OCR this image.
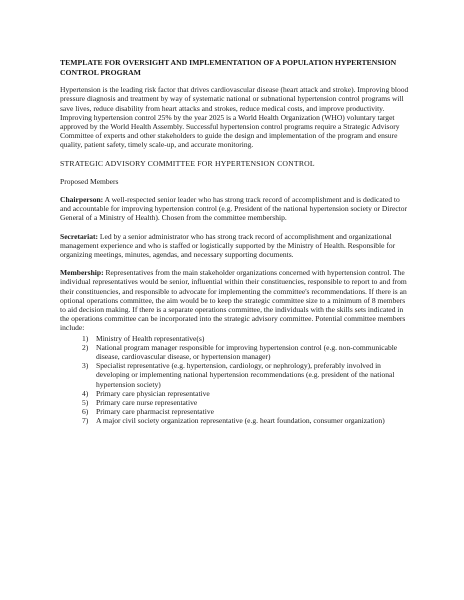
TEMPLATE FOR OVERSIGHT AND IMPLEMENTATION OF A POPULATION HYPERTENSION CONTROL PROGRAM

Hypertension is the leading risk factor that drives cardiovascular disease (heart attack and stroke). Improving blood pressure diagnosis and treatment by way of systematic national or subnational hypertension control programs will save lives, reduce disability from heart attacks and strokes, reduce medical costs, and improve productivity. Improving hypertension control 25% by the year 2025 is a World Health Organization (WHO) voluntary target approved by the World Health Assembly. Successful hypertension control programs require a Strategic Advisory Committee of experts and other stakeholders to guide the design and implementation of the program and ensure quality, patient safety, timely scale-up, and accurate monitoring.

STRATEGIC ADVISORY COMMITTEE FOR HYPERTENSION CONTROL
Proposed Members

Chairperson: A well-respected senior leader who has strong track record of accomplishment and is dedicated to and accountable for improving hypertension control (e.g. President of the national hypertension society or Director General of a Ministry of Health). Chosen from the committee membership.

Secretariat: Led by a senior administrator who has strong track record of accomplishment and organizational management experience and who is staffed or logistically supported by the Ministry of Health. Responsible for organizing meetings, minutes, agendas, and necessary supporting documents.

Membership: Representatives from the main stakeholder organizations concerned with hypertension control. The individual representatives would be senior, influential within their constituencies, responsible to report to and from their constituencies, and responsible to advocate for implementing the committee's recommendations. If there is an optional operations committee, the aim would be to keep the strategic committee size to a minimum of 8 members to aid decision making. If there is a separate operations committee, the individuals with the skills sets indicated in the operations committee can be incorporated into the strategic advisory committee. Potential committee members include:

1)	Ministry of Health representative(s)
2)	National program manager responsible for improving hypertension control (e.g. non-communicable disease, cardiovascular disease, or hypertension manager)
3)	Specialist representative (e.g. hypertension, cardiology, or nephrology), preferably involved in developing or implementing national hypertension recommendations (e.g. president of the national hypertension society)
4)	Primary care physician representative
5)	Primary care nurse representative
6)	Primary care pharmacist representative
7)	A major civil society organization representative (e.g. heart foundation, consumer organization)
